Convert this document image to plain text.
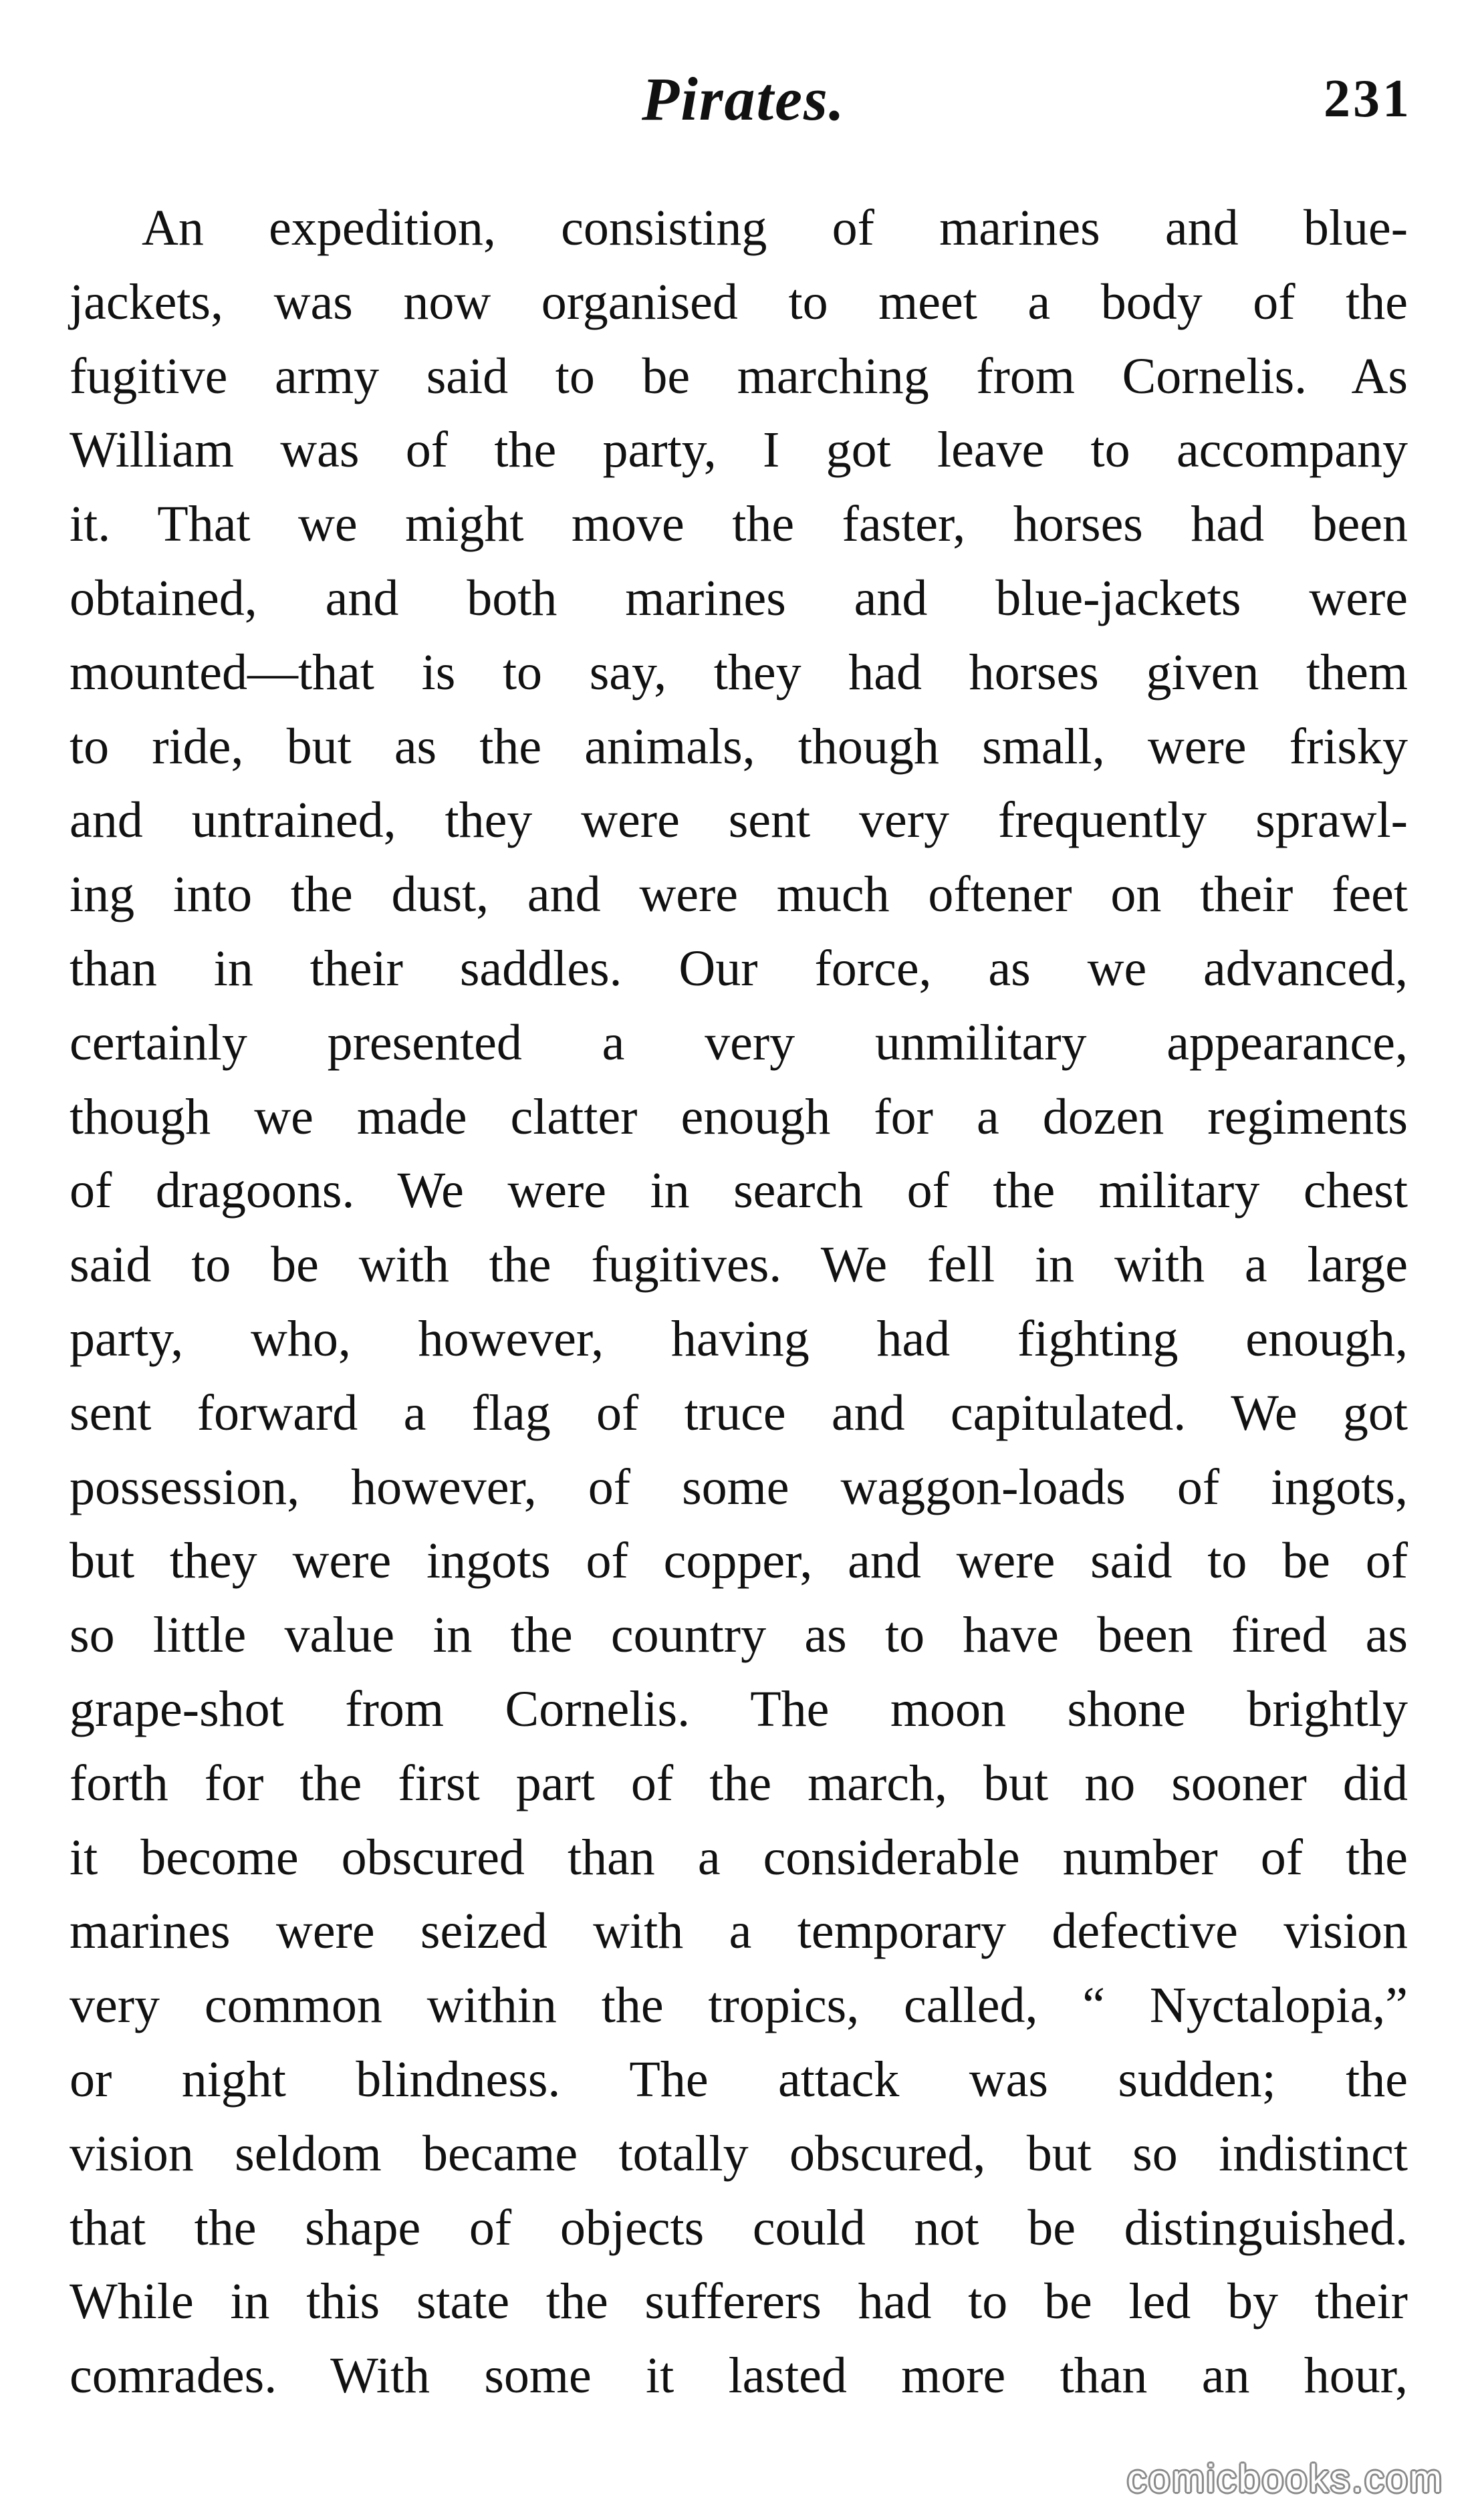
Pirates.	231
An expedition, consisting of marines and blue-
jackets, was now organised to meet a body of the
fugitive army said to be marching from Cornelis. As
William was of the party, I got leave to accompany
it. That we might move the faster, horses had been
obtained, and both marines and blue-jackets were
mounted—that is to say, they had horses given them
to ride, but as the animals, though small, were frisky
and untrained, they were sent very frequently sprawl-
ing into the dust, and were much oftener on their feet
than in their saddles. Our force, as we advanced,
certainly presented a very unmilitary appearance,
though we made clatter enough for a dozen regiments
of dragoons. We were in search of the military chest
said to be with the fugitives. We fell in with a large
party, who, however, having had fighting enough,
sent forward a flag of truce and capitulated. We got
possession, however, of some waggon-loads of ingots,
but they were ingots of copper, and were said to be of
so little value in the country as to have been fired as
grape-shot from Cornelis. The moon shone brightly
forth for the first part of the march, but no sooner did
it become obscured than a considerable number of the
marines were seized with a temporary defective vision
very common within the tropics, called, “ Nyctalopia,”
or night blindness. The attack was sudden; the
vision seldom became totally obscured, but so indistinct
that the shape of objects could not be distinguished.
While in this state the sufferers had to be led by their
comrades. With some it lasted more than an hour,
comicbooks.com
